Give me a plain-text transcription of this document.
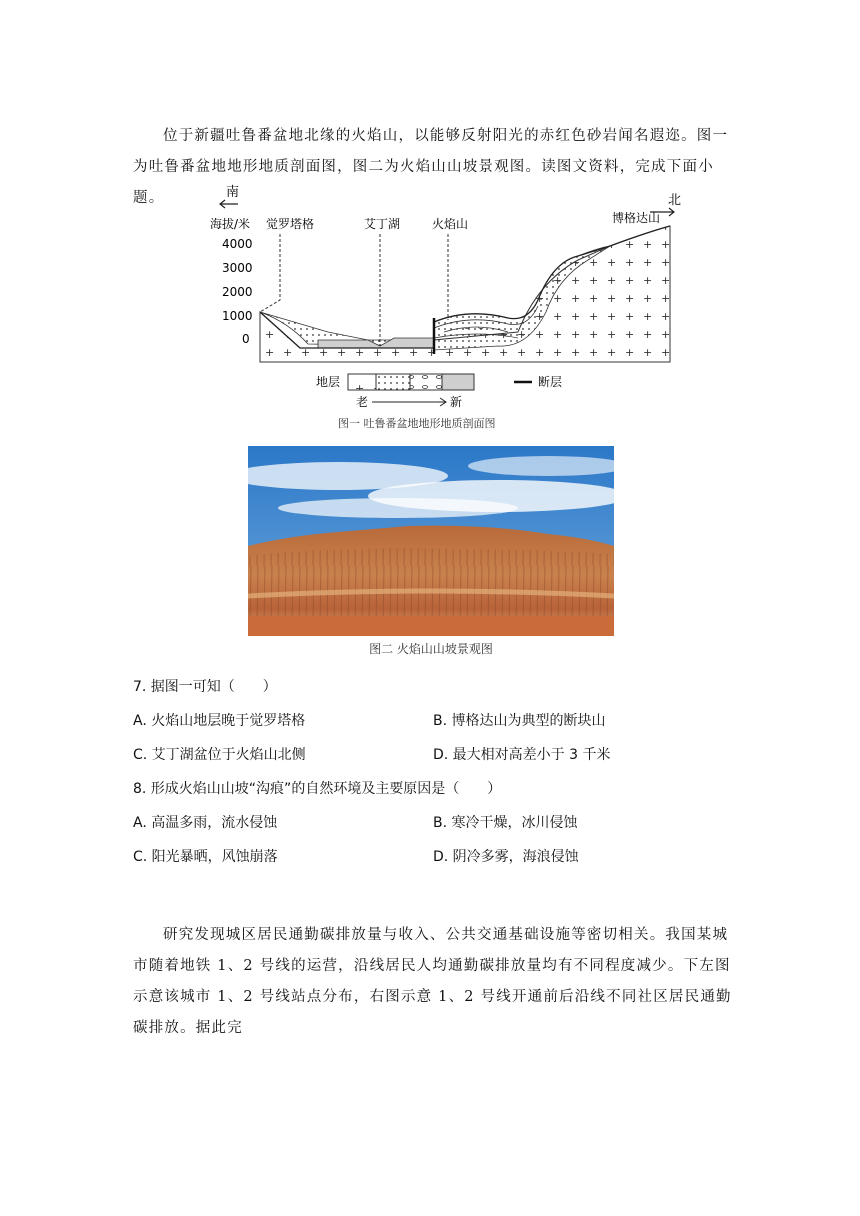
位于新疆吐鲁番盆地北缘的火焰山，以能够反射阳光的赤红色砂岩闻名遐迩。图一为吐鲁番盆地地形地质剖面图，图二为火焰山山坡景观图。读图文资料，完成下面小题。	南
北
海拔/米
4000
3000
2000
1000
0
觉罗塔格	艾丁湖	火焰山	博格达山
地层	断层
老	新
图一 吐鲁番盆地地形地质剖面图
图二 火焰山山坡景观图
7. 据图一可知（　　）
A. 火焰山地层晚于觉罗塔格	B. 博格达山为典型的断块山
C. 艾丁湖盆位于火焰山北侧	D. 最大相对高差小于 3 千米
8. 形成火焰山山坡“沟痕”的自然环境及主要原因是（　　）
A. 高温多雨，流水侵蚀	B. 寒冷干燥，冰川侵蚀
C. 阳光暴晒，风蚀崩落	D. 阴冷多雾，海浪侵蚀

研究发现城区居民通勤碳排放量与收入、公共交通基础设施等密切相关。我国某城市随着地铁 1、2 号线的运营，沿线居民人均通勤碳排放量均有不同程度减少。下左图示意该城市 1、2 号线站点分布，右图示意 1、2 号线开通前后沿线不同社区居民通勤碳排放。据此完
